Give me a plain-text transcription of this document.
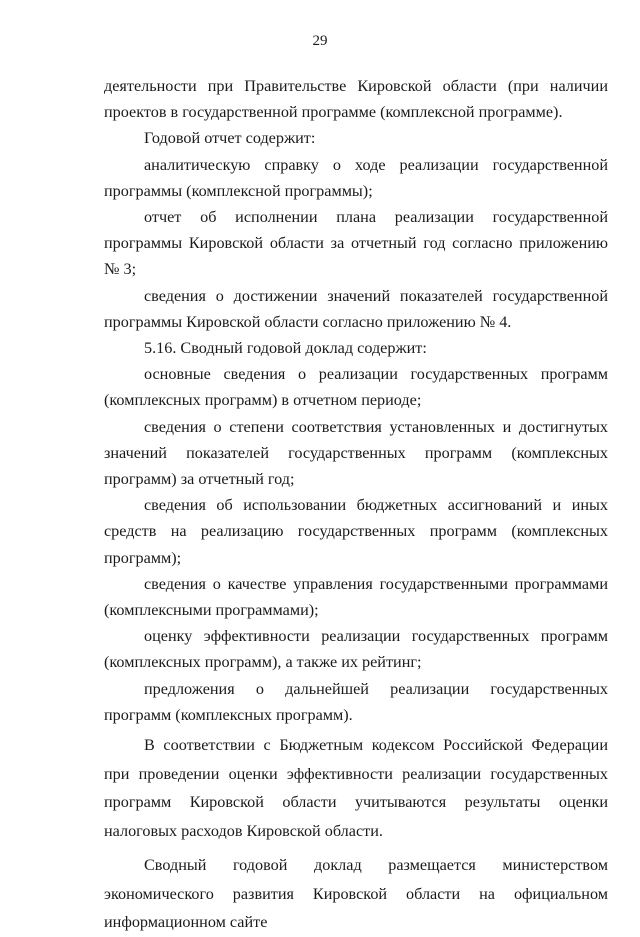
29

деятельности при Правительстве Кировской области (при наличии проектов в государственной программе (комплексной программе).

Годовой отчет содержит:

аналитическую справку о ходе реализации государственной программы (комплексной программы);

отчет об исполнении плана реализации государственной программы Кировской области за отчетный год согласно приложению № 3;

сведения о достижении значений показателей государственной программы Кировской области согласно приложению № 4.

5.16. Сводный годовой доклад содержит:

основные сведения о реализации государственных программ (комплексных программ) в отчетном периоде;

сведения о степени соответствия установленных и достигнутых значений показателей государственных программ (комплексных программ) за отчетный год;

сведения об использовании бюджетных ассигнований и иных средств на реализацию государственных программ (комплексных программ);

сведения о качестве управления государственными программами (комплексными программами);

оценку эффективности реализации государственных программ (комплексных программ), а также их рейтинг;

предложения о дальнейшей реализации государственных программ (комплексных программ).

В соответствии с Бюджетным кодексом Российской Федерации при проведении оценки эффективности реализации государственных программ Кировской области учитываются результаты оценки налоговых расходов Кировской области.

Сводный годовой доклад размещается министерством экономического развития Кировской области на официальном информационном сайте
